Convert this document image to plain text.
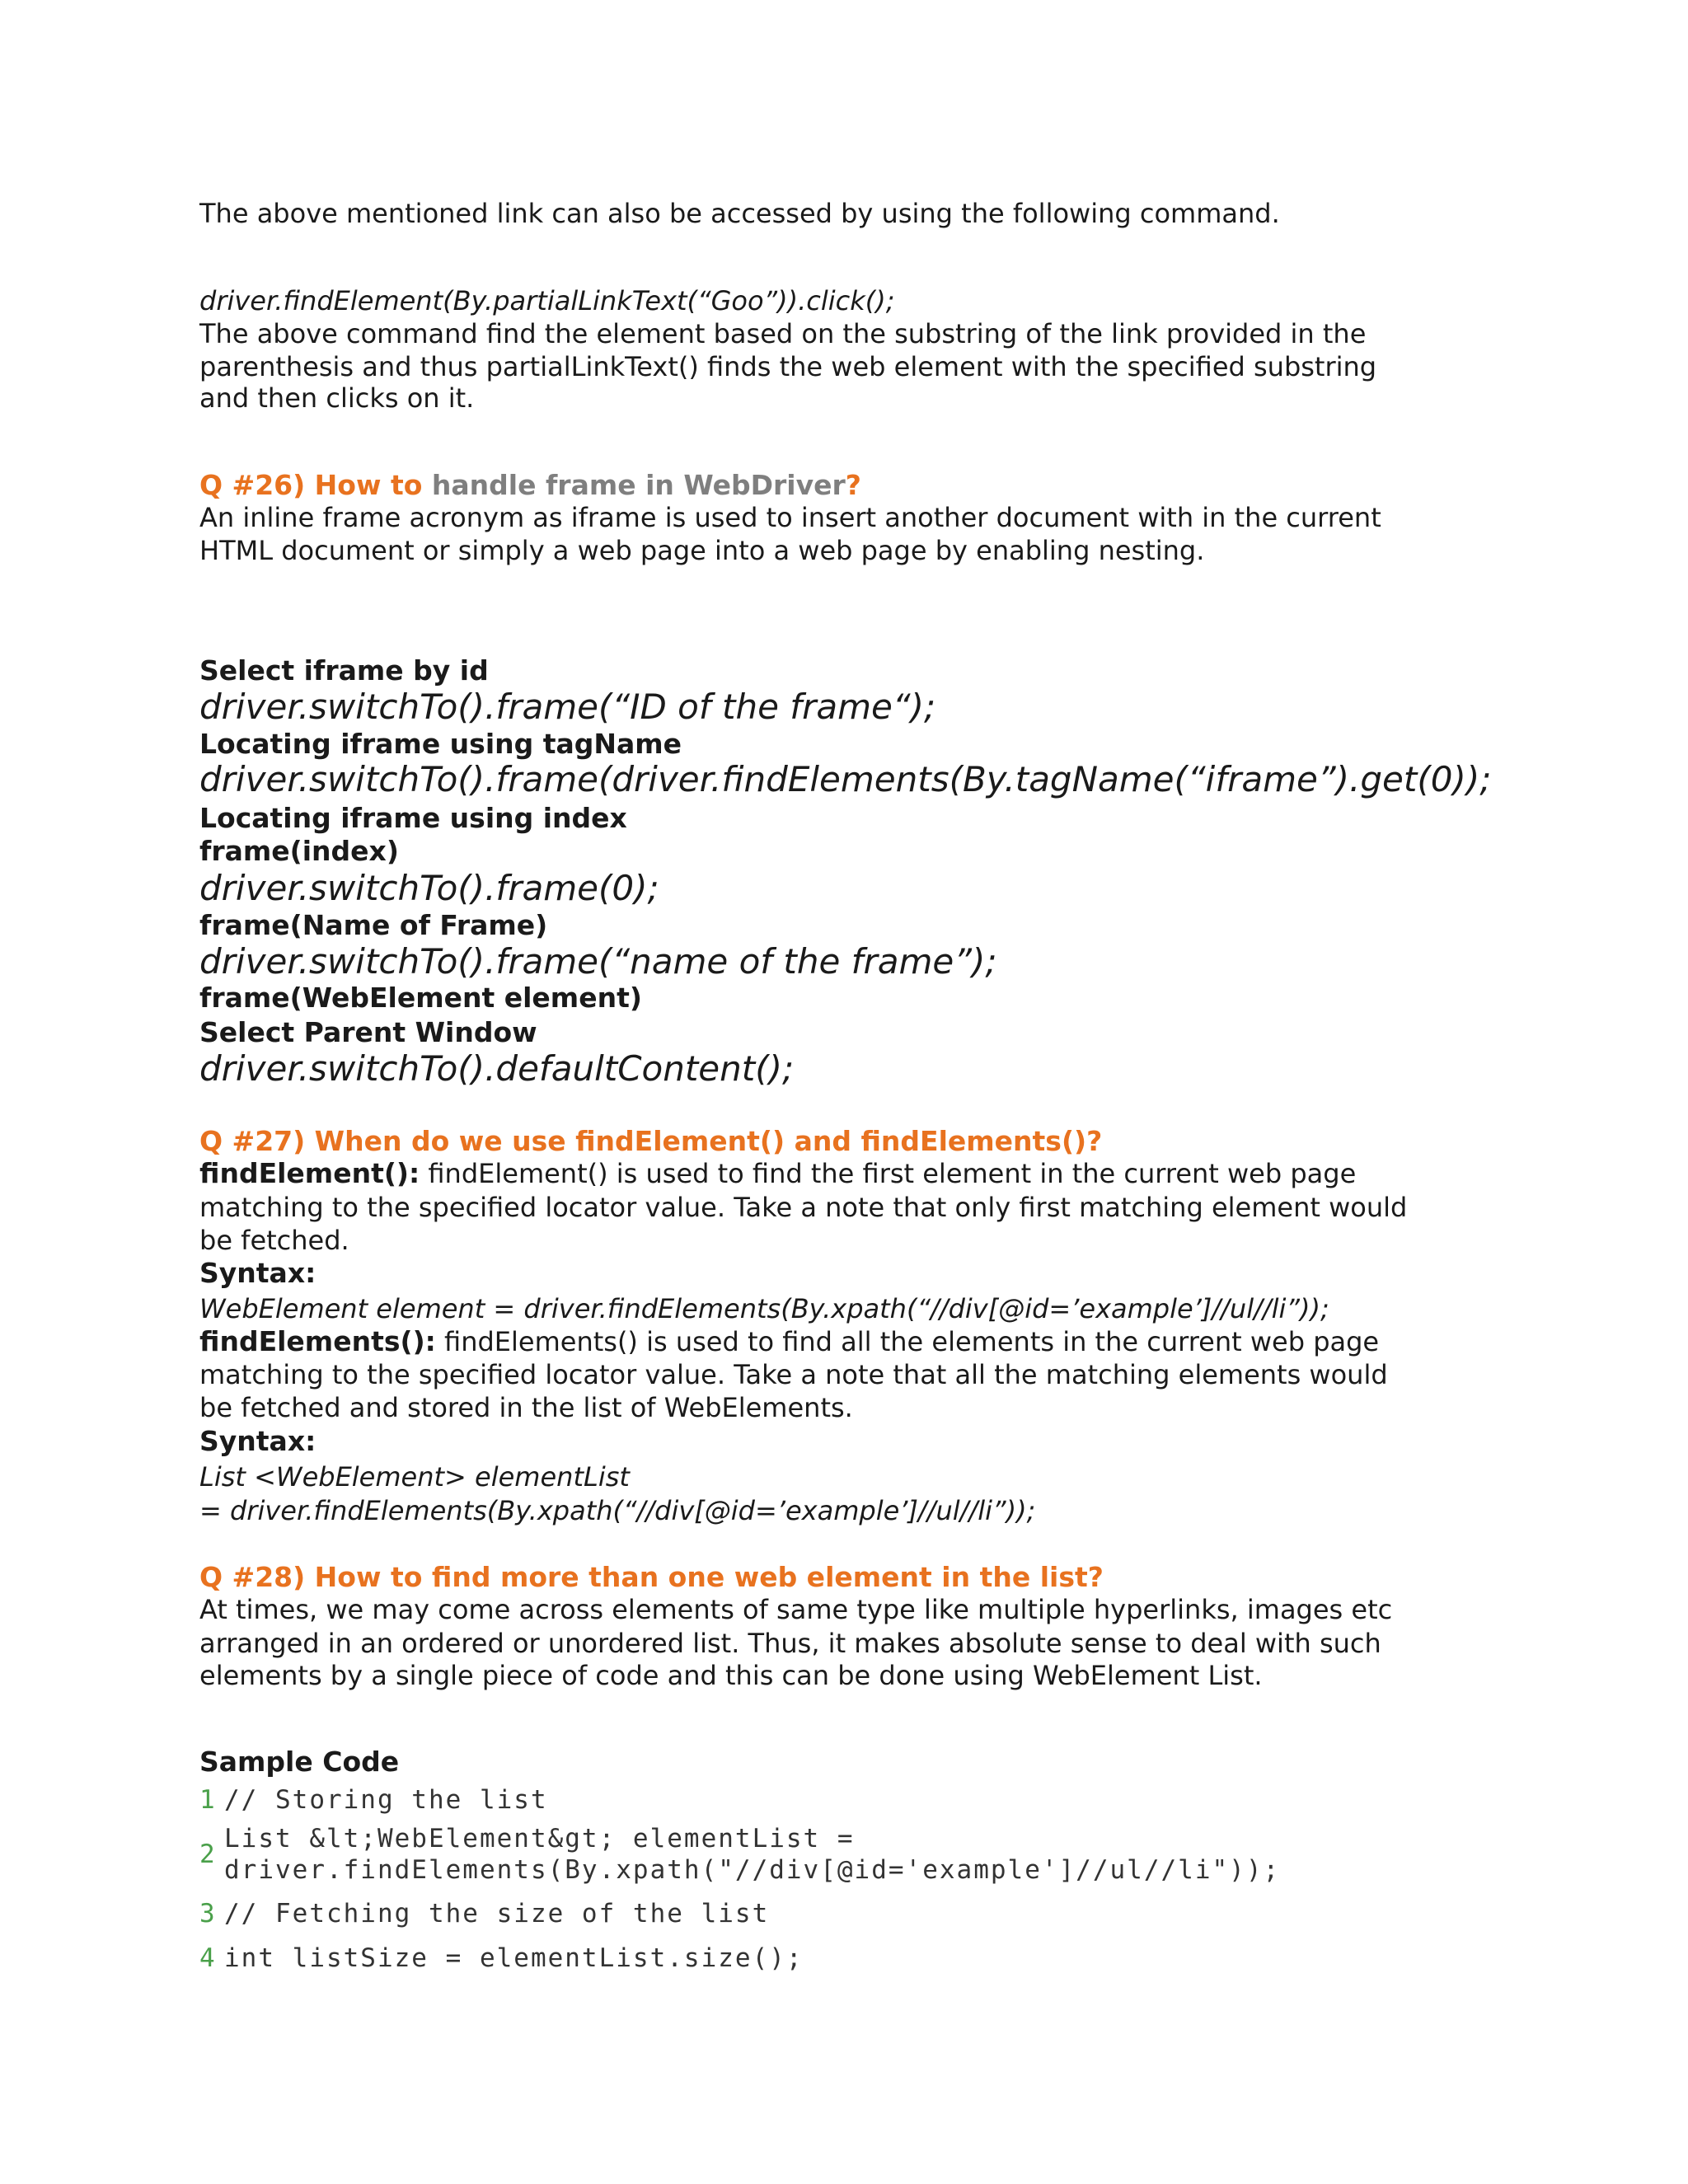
The above mentioned link can also be accessed by using the following command.

driver.findElement(By.partialLinkText(“Goo”)).click();

The above command find the element based on the substring of the link provided in the

parenthesis and thus partialLinkText() finds the web element with the specified substring

and then clicks on it.

Q #26) How to handle frame in WebDriver?

An inline frame acronym as iframe is used to insert another document with in the current

HTML document or simply a web page into a web page by enabling nesting.

Select iframe by id

driver.switchTo().frame(“ID of the frame“);

Locating iframe using tagName

driver.switchTo().frame(driver.findElements(By.tagName(“iframe”).get(0));

Locating iframe using index

frame(index)

driver.switchTo().frame(0);

frame(Name of Frame)

driver.switchTo().frame(“name of the frame”);

frame(WebElement element)

Select Parent Window

driver.switchTo().defaultContent();

Q #27) When do we use findElement() and findElements()?

findElement(): findElement() is used to find the first element in the current web page

matching to the specified locator value. Take a note that only first matching element would

be fetched.

Syntax:

WebElement element = driver.findElements(By.xpath(“//div[@id=’example’]//ul//li”));

findElements(): findElements() is used to find all the elements in the current web page

matching to the specified locator value. Take a note that all the matching elements would

be fetched and stored in the list of WebElements.

Syntax:

List <WebElement> elementList

= driver.findElements(By.xpath(“//div[@id=’example’]//ul//li”));

Q #28) How to find more than one web element in the list?

At times, we may come across elements of same type like multiple hyperlinks, images etc

arranged in an ordered or unordered list. Thus, it makes absolute sense to deal with such

elements by a single piece of code and this can be done using WebElement List.

Sample Code

1 // Storing the list
2
List &lt;WebElement&gt; elementList =
driver.findElements(By.xpath("//div[@id='example']//ul//li"));
3 // Fetching the size of the list
4 int listSize = elementList.size();
